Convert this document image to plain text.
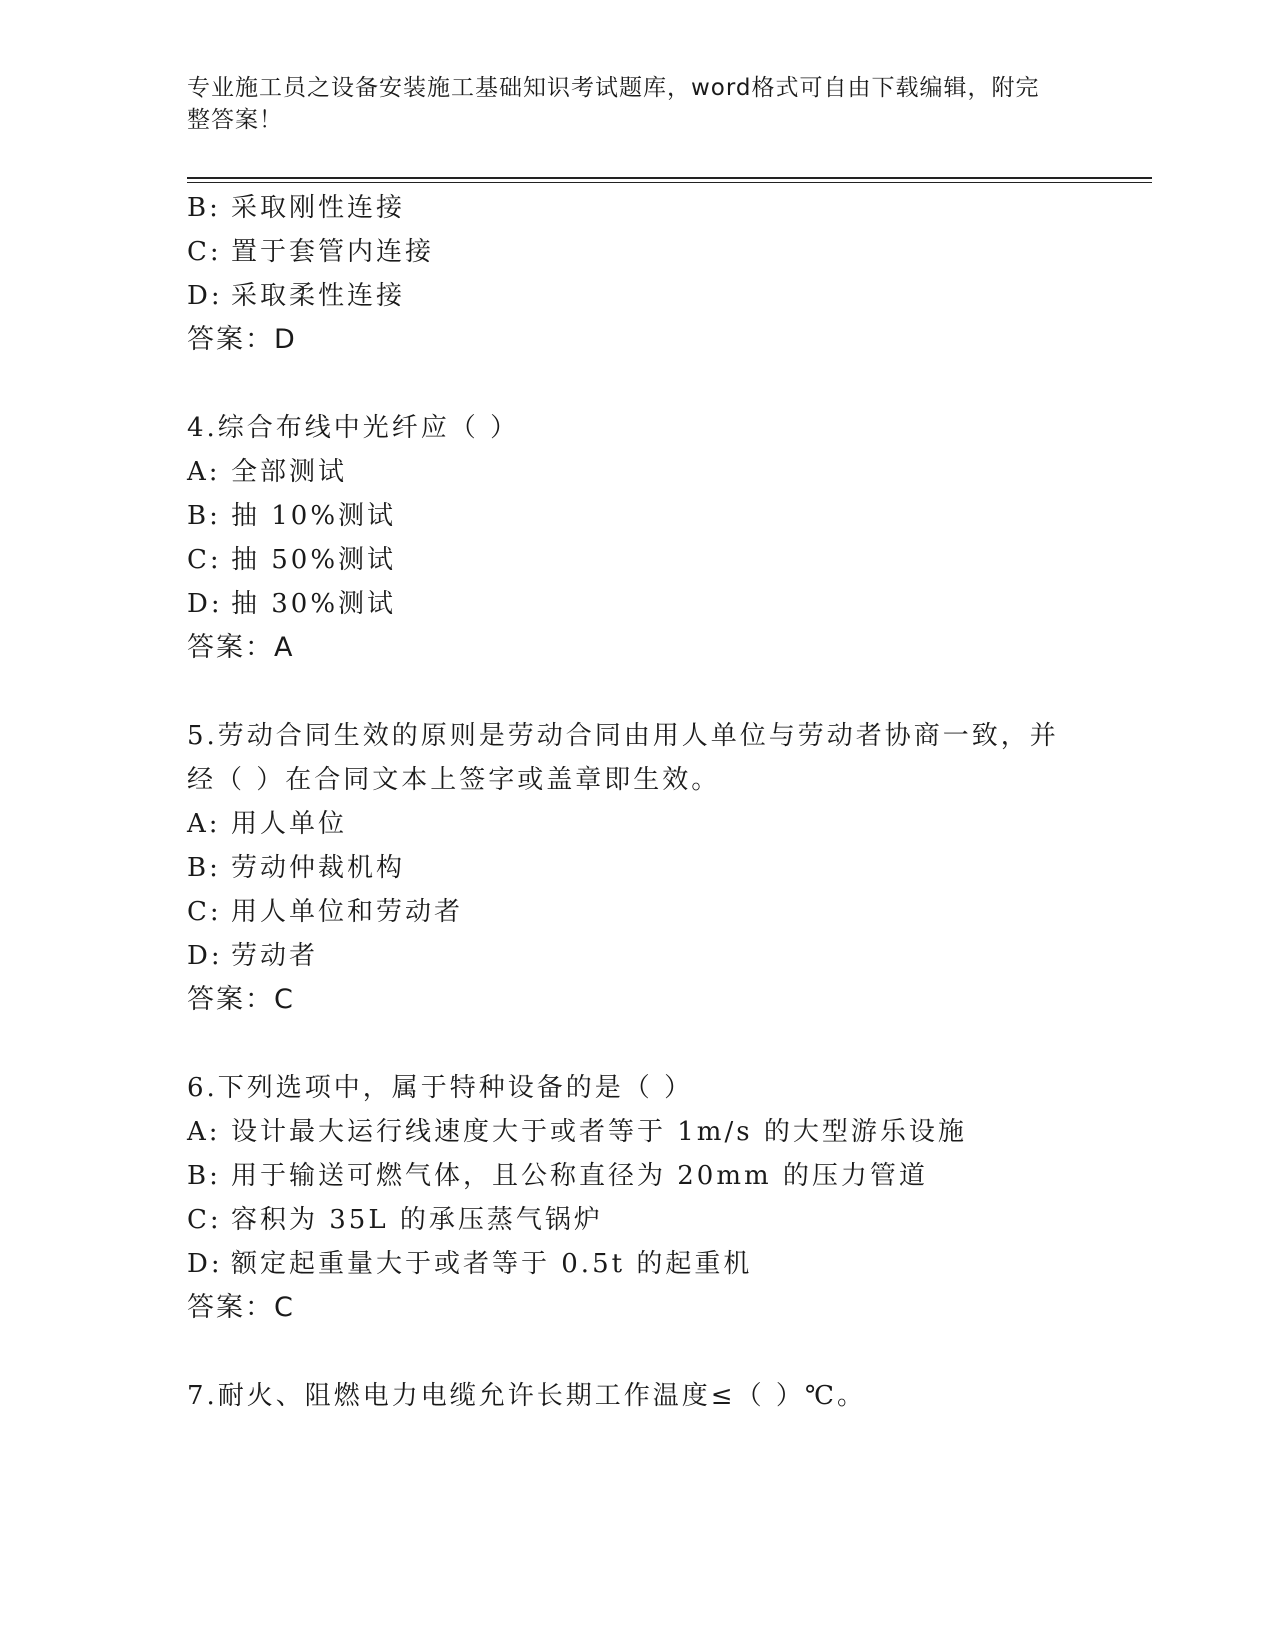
专业施工员之设备安装施工基础知识考试题库，word格式可自由下载编辑，附完
整答案！
B: 采取刚性连接
C: 置于套管内连接
D: 采取柔性连接
答案：D
4.综合布线中光纤应（ ）
A: 全部测试
B: 抽 10%测试
C: 抽 50%测试
D: 抽 30%测试
答案：A
5.劳动合同生效的原则是劳动合同由用人单位与劳动者协商一致，并
经（ ）在合同文本上签字或盖章即生效。
A: 用人单位
B: 劳动仲裁机构
C: 用人单位和劳动者
D: 劳动者
答案：C
6.下列选项中，属于特种设备的是（ ）
A: 设计最大运行线速度大于或者等于 1m/s 的大型游乐设施
B: 用于输送可燃气体，且公称直径为 20mm 的压力管道
C: 容积为 35L 的承压蒸气锅炉
D: 额定起重量大于或者等于 0.5t 的起重机
答案：C
7.耐火、阻燃电力电缆允许长期工作温度≤（ ）℃。
